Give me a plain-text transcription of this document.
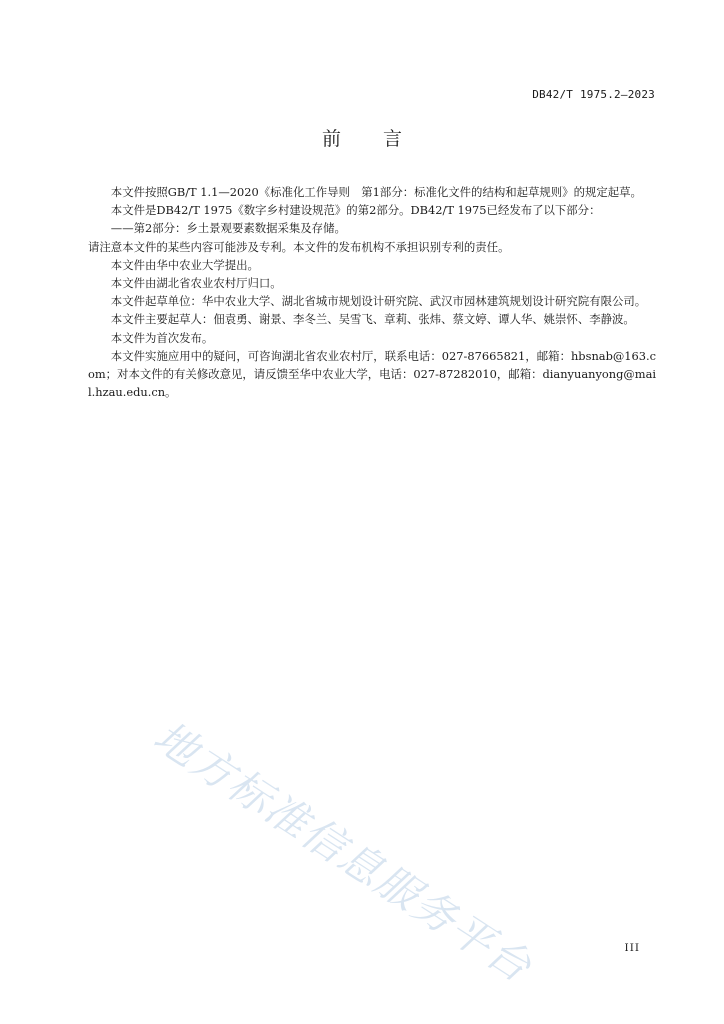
DB42/T 1975.2—2023
前言

本文件按照GB/T 1.1—2020《标准化工作导则　第1部分：标准化文件的结构和起草规则》的规定起草。

本文件是DB42/T 1975《数字乡村建设规范》的第2部分。DB42/T 1975已经发布了以下部分：

——第2部分：乡土景观要素数据采集及存储。

请注意本文件的某些内容可能涉及专利。本文件的发布机构不承担识别专利的责任。

本文件由华中农业大学提出。

本文件由湖北省农业农村厅归口。

本文件起草单位：华中农业大学、湖北省城市规划设计研究院、武汉市园林建筑规划设计研究院有限公司。

本文件主要起草人：佃袁勇、谢景、李冬兰、吴雪飞、章莉、张炜、蔡文婷、谭人华、姚崇怀、李静波。

本文件为首次发布。

本文件实施应用中的疑问，可咨询湖北省农业农村厅，联系电话：027-87665821，邮箱：hbsnab@163.com；对本文件的有关修改意见，请反馈至华中农业大学，电话：027-87282010，邮箱：dianyuanyong@mail.hzau.edu.cn。

地方标准信息服务平台	III
